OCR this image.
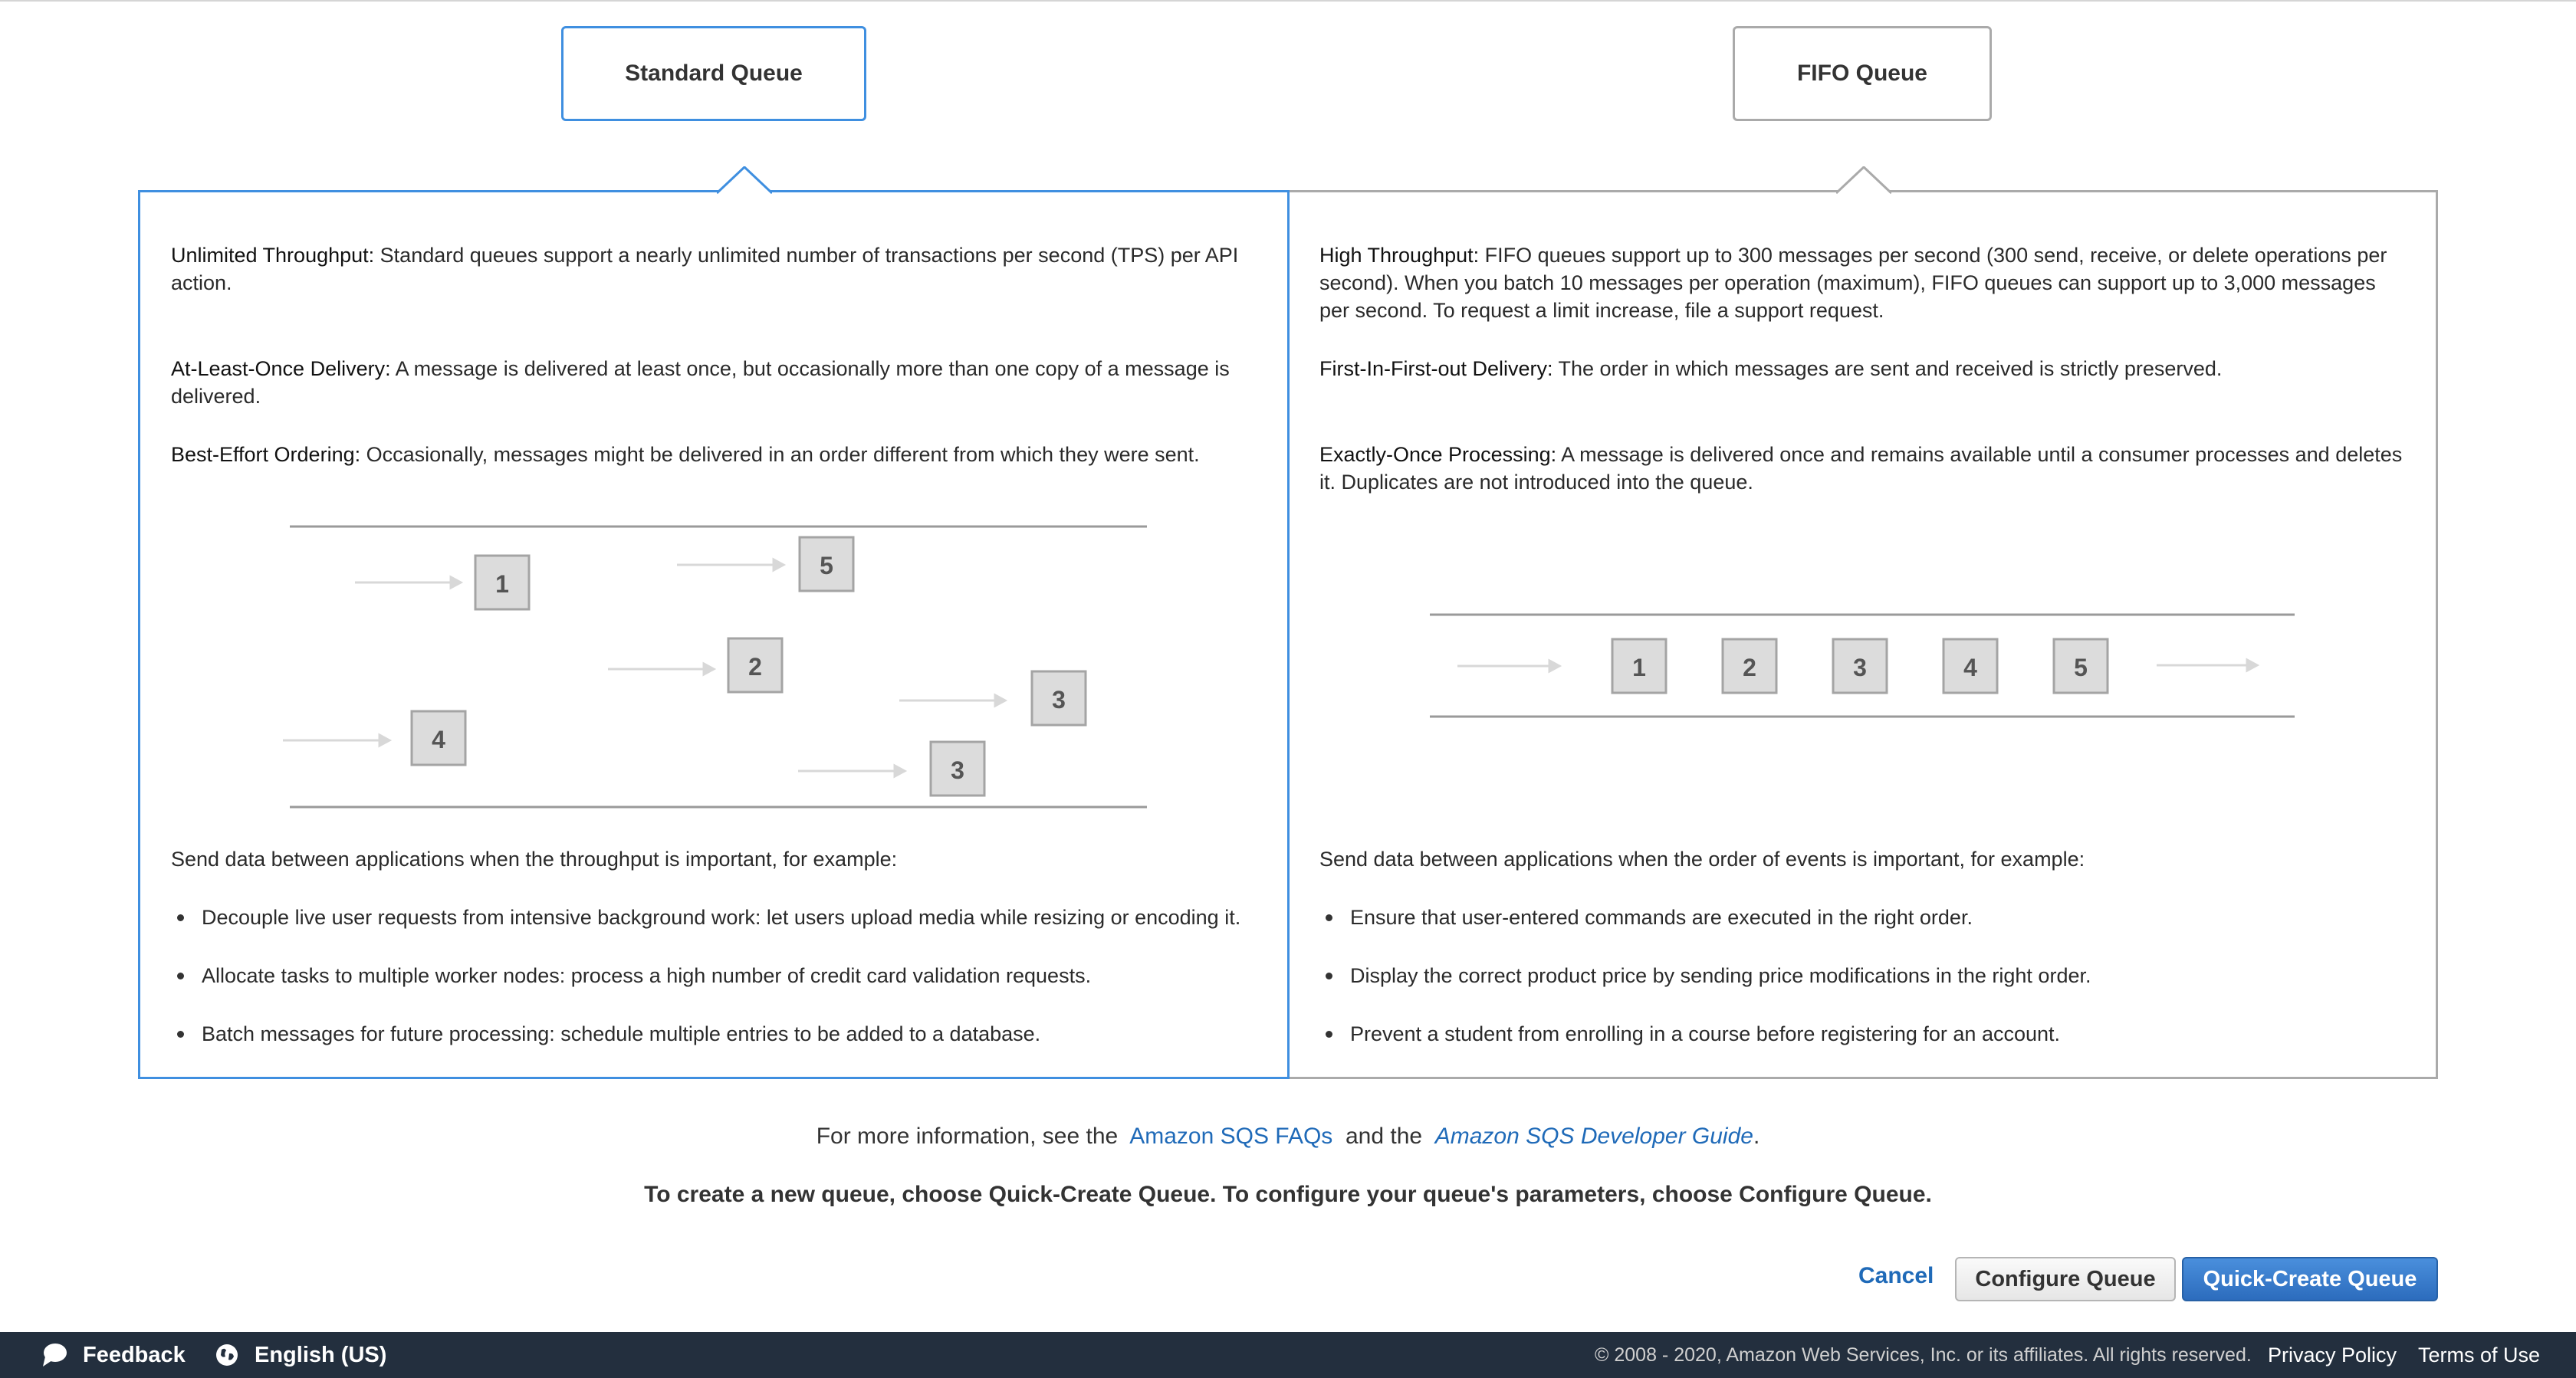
Standard Queue	FIFO Queue
Unlimited Throughput: Standard queues support a nearly unlimited number of transactions per second (TPS) per API action.
At-Least-Once Delivery: A message is delivered at least once, but occasionally more than one copy of a message is delivered.
Best-Effort Ordering: Occasionally, messages might be delivered in an order different from which they were sent.
1
5
2
3
4
3
Send data between applications when the throughput is important, for example:
Decouple live user requests from intensive background work: let users upload media while resizing or encoding it.
Allocate tasks to multiple worker nodes: process a high number of credit card validation requests.
Batch messages for future processing: schedule multiple entries to be added to a database.
High Throughput: FIFO queues support up to 300 messages per second (300 send, receive, or delete operations per second). When you batch 10 messages per operation (maximum), FIFO queues can support up to 3,000 messages per second. To request a limit increase, file a support request.
First-In-First-out Delivery: The order in which messages are sent and received is strictly preserved.
Exactly-Once Processing: A message is delivered once and remains available until a consumer processes and deletes it. Duplicates are not introduced into the queue.
1	2	3	4	5
Send data between applications when the order of events is important, for example:
Ensure that user-entered commands are executed in the right order.
Display the correct product price by sending price modifications in the right order.
Prevent a student from enrolling in a course before registering for an account.
For more information, see the Amazon SQS FAQs and the Amazon SQS Developer Guide.
To create a new queue, choose Quick-Create Queue. To configure your queue's parameters, choose Configure Queue.
Cancel	Configure Queue	Quick-Create Queue
Feedback	English (US)	© 2008 - 2020, Amazon Web Services, Inc. or its affiliates. All rights reserved. Privacy Policy Terms of Use
